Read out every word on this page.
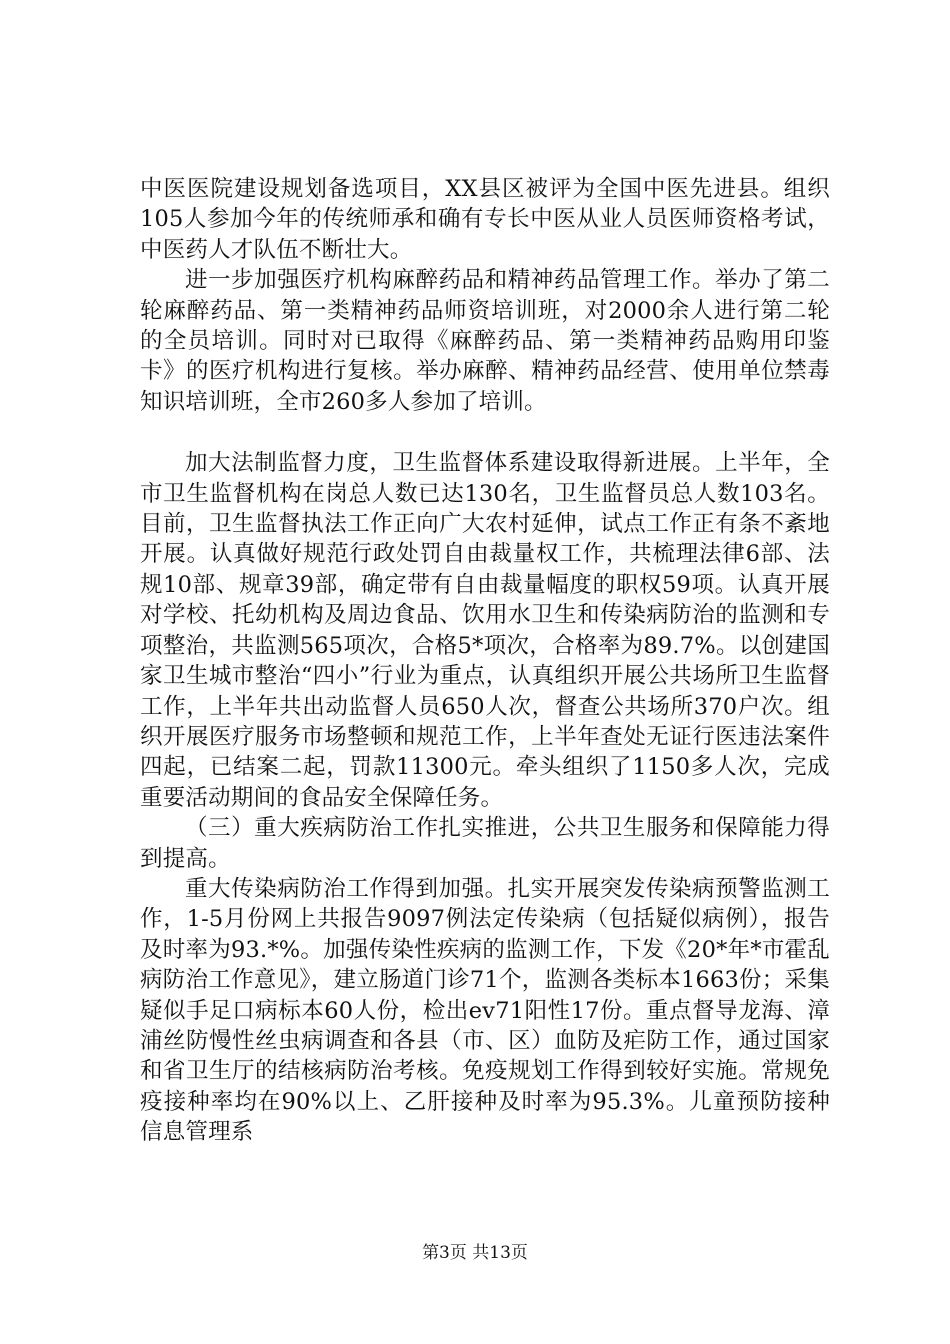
中医医院建设规划备选项目，XX县区被评为全国中医先进县。组织105人参加今年的传统师承和确有专长中医从业人员医师资格考试，中医药人才队伍不断壮大。

进一步加强医疗机构麻醉药品和精神药品管理工作。举办了第二轮麻醉药品、第一类精神药品师资培训班，对2000余人进行第二轮的全员培训。同时对已取得《麻醉药品、第一类精神药品购用印鉴卡》的医疗机构进行复核。举办麻醉、精神药品经营、使用单位禁毒知识培训班，全市260多人参加了培训。

加大法制监督力度，卫生监督体系建设取得新进展。上半年，全市卫生监督机构在岗总人数已达130名，卫生监督员总人数103名。目前，卫生监督执法工作正向广大农村延伸，试点工作正有条不紊地开展。认真做好规范行政处罚自由裁量权工作，共梳理法律6部、法规10部、规章39部，确定带有自由裁量幅度的职权59项。认真开展对学校、托幼机构及周边食品、饮用水卫生和传染病防治的监测和专项整治，共监测565项次，合格5*项次，合格率为89.7%。以创建国家卫生城市整治“四小”行业为重点，认真组织开展公共场所卫生监督工作，上半年共出动监督人员650人次，督查公共场所370户次。组织开展医疗服务市场整顿和规范工作，上半年查处无证行医违法案件四起，已结案二起，罚款11300元。牵头组织了1150多人次，完成重要活动期间的食品安全保障任务。

（三）重大疾病防治工作扎实推进，公共卫生服务和保障能力得到提高。

重大传染病防治工作得到加强。扎实开展突发传染病预警监测工作，1-5月份网上共报告9097例法定传染病（包括疑似病例），报告及时率为93.*%。加强传染性疾病的监测工作，下发《20*年*市霍乱病防治工作意见》，建立肠道门诊71个，监测各类标本1663份；采集疑似手足口病标本60人份，检出ev71阳性17份。重点督导龙海、漳浦丝防慢性丝虫病调查和各县（市、区）血防及疟防工作，通过国家和省卫生厅的结核病防治考核。免疫规划工作得到较好实施。常规免疫接种率均在90%以上、乙肝接种及时率为95.3%。儿童预防接种信息管理系

第3页 共13页
